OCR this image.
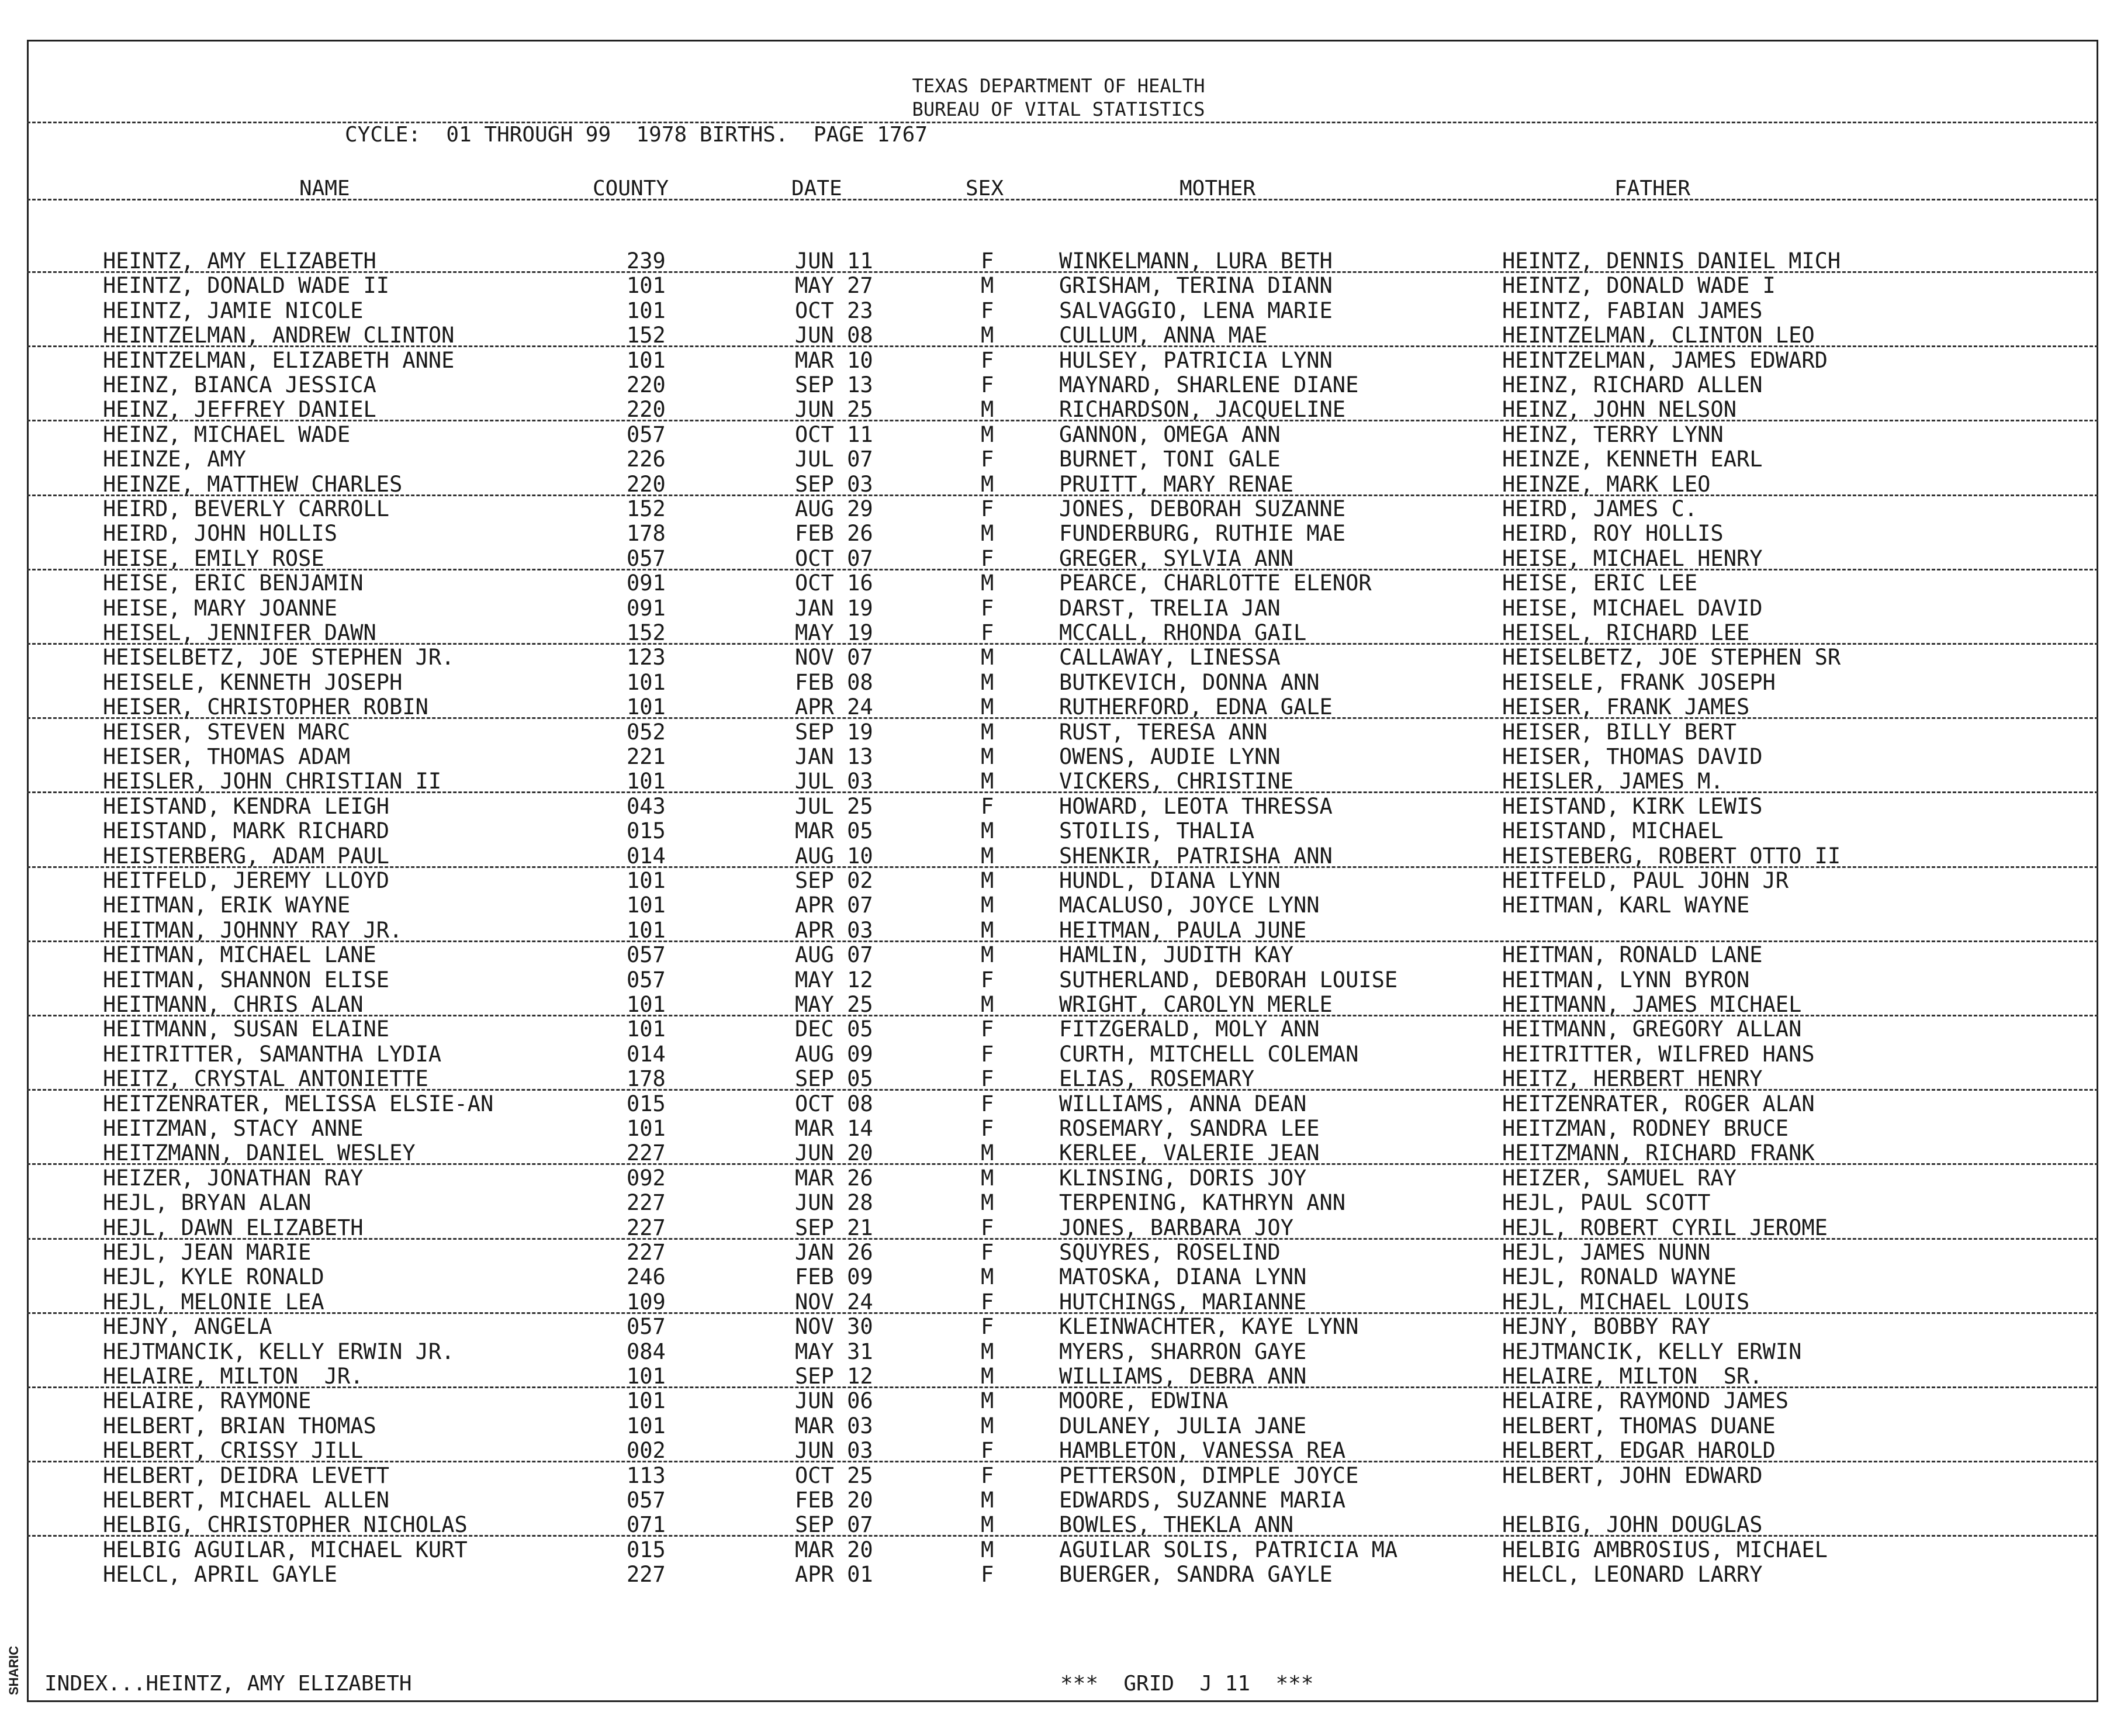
SHARIC
TEXAS DEPARTMENT OF HEALTH
BUREAU OF VITAL STATISTICS
CYCLE:  01 THROUGH 99  1978 BIRTHS.  PAGE 1767
NAME	COUNTY	DATE	SEX	MOTHER	FATHER
HEINTZ, AMY ELIZABETH	239	JUN 11	F	WINKELMANN, LURA BETH	HEINTZ, DENNIS DANIEL MICH
HEINTZ, DONALD WADE II	101	MAY 27	M	GRISHAM, TERINA DIANN	HEINTZ, DONALD WADE I
HEINTZ, JAMIE NICOLE	101	OCT 23	F	SALVAGGIO, LENA MARIE	HEINTZ, FABIAN JAMES
HEINTZELMAN, ANDREW CLINTON	152	JUN 08	M	CULLUM, ANNA MAE	HEINTZELMAN, CLINTON LEO
HEINTZELMAN, ELIZABETH ANNE	101	MAR 10	F	HULSEY, PATRICIA LYNN	HEINTZELMAN, JAMES EDWARD
HEINZ, BIANCA JESSICA	220	SEP 13	F	MAYNARD, SHARLENE DIANE	HEINZ, RICHARD ALLEN
HEINZ, JEFFREY DANIEL	220	JUN 25	M	RICHARDSON, JACQUELINE	HEINZ, JOHN NELSON
HEINZ, MICHAEL WADE	057	OCT 11	M	GANNON, OMEGA ANN	HEINZ, TERRY LYNN
HEINZE, AMY	226	JUL 07	F	BURNET, TONI GALE	HEINZE, KENNETH EARL
HEINZE, MATTHEW CHARLES	220	SEP 03	M	PRUITT, MARY RENAE	HEINZE, MARK LEO
HEIRD, BEVERLY CARROLL	152	AUG 29	F	JONES, DEBORAH SUZANNE	HEIRD, JAMES C.
HEIRD, JOHN HOLLIS	178	FEB 26	M	FUNDERBURG, RUTHIE MAE	HEIRD, ROY HOLLIS
HEISE, EMILY ROSE	057	OCT 07	F	GREGER, SYLVIA ANN	HEISE, MICHAEL HENRY
HEISE, ERIC BENJAMIN	091	OCT 16	M	PEARCE, CHARLOTTE ELENOR	HEISE, ERIC LEE
HEISE, MARY JOANNE	091	JAN 19	F	DARST, TRELIA JAN	HEISE, MICHAEL DAVID
HEISEL, JENNIFER DAWN	152	MAY 19	F	MCCALL, RHONDA GAIL	HEISEL, RICHARD LEE
HEISELBETZ, JOE STEPHEN JR.	123	NOV 07	M	CALLAWAY, LINESSA	HEISELBETZ, JOE STEPHEN SR
HEISELE, KENNETH JOSEPH	101	FEB 08	M	BUTKEVICH, DONNA ANN	HEISELE, FRANK JOSEPH
HEISER, CHRISTOPHER ROBIN	101	APR 24	M	RUTHERFORD, EDNA GALE	HEISER, FRANK JAMES
HEISER, STEVEN MARC	052	SEP 19	M	RUST, TERESA ANN	HEISER, BILLY BERT
HEISER, THOMAS ADAM	221	JAN 13	M	OWENS, AUDIE LYNN	HEISER, THOMAS DAVID
HEISLER, JOHN CHRISTIAN II	101	JUL 03	M	VICKERS, CHRISTINE	HEISLER, JAMES M.
HEISTAND, KENDRA LEIGH	043	JUL 25	F	HOWARD, LEOTA THRESSA	HEISTAND, KIRK LEWIS
HEISTAND, MARK RICHARD	015	MAR 05	M	STOILIS, THALIA	HEISTAND, MICHAEL
HEISTERBERG, ADAM PAUL	014	AUG 10	M	SHENKIR, PATRISHA ANN	HEISTEBERG, ROBERT OTTO II
HEITFELD, JEREMY LLOYD	101	SEP 02	M	HUNDL, DIANA LYNN	HEITFELD, PAUL JOHN JR
HEITMAN, ERIK WAYNE	101	APR 07	M	MACALUSO, JOYCE LYNN	HEITMAN, KARL WAYNE
HEITMAN, JOHNNY RAY JR.	101	APR 03	M	HEITMAN, PAULA JUNE
HEITMAN, MICHAEL LANE	057	AUG 07	M	HAMLIN, JUDITH KAY	HEITMAN, RONALD LANE
HEITMAN, SHANNON ELISE	057	MAY 12	F	SUTHERLAND, DEBORAH LOUISE	HEITMAN, LYNN BYRON
HEITMANN, CHRIS ALAN	101	MAY 25	M	WRIGHT, CAROLYN MERLE	HEITMANN, JAMES MICHAEL
HEITMANN, SUSAN ELAINE	101	DEC 05	F	FITZGERALD, MOLY ANN	HEITMANN, GREGORY ALLAN
HEITRITTER, SAMANTHA LYDIA	014	AUG 09	F	CURTH, MITCHELL COLEMAN	HEITRITTER, WILFRED HANS
HEITZ, CRYSTAL ANTONIETTE	178	SEP 05	F	ELIAS, ROSEMARY	HEITZ, HERBERT HENRY
HEITZENRATER, MELISSA ELSIE-AN	015	OCT 08	F	WILLIAMS, ANNA DEAN	HEITZENRATER, ROGER ALAN
HEITZMAN, STACY ANNE	101	MAR 14	F	ROSEMARY, SANDRA LEE	HEITZMAN, RODNEY BRUCE
HEITZMANN, DANIEL WESLEY	227	JUN 20	M	KERLEE, VALERIE JEAN	HEITZMANN, RICHARD FRANK
HEIZER, JONATHAN RAY	092	MAR 26	M	KLINSING, DORIS JOY	HEIZER, SAMUEL RAY
HEJL, BRYAN ALAN	227	JUN 28	M	TERPENING, KATHRYN ANN	HEJL, PAUL SCOTT
HEJL, DAWN ELIZABETH	227	SEP 21	F	JONES, BARBARA JOY	HEJL, ROBERT CYRIL JEROME
HEJL, JEAN MARIE	227	JAN 26	F	SQUYRES, ROSELIND	HEJL, JAMES NUNN
HEJL, KYLE RONALD	246	FEB 09	M	MATOSKA, DIANA LYNN	HEJL, RONALD WAYNE
HEJL, MELONIE LEA	109	NOV 24	F	HUTCHINGS, MARIANNE	HEJL, MICHAEL LOUIS
HEJNY, ANGELA	057	NOV 30	F	KLEINWACHTER, KAYE LYNN	HEJNY, BOBBY RAY
HEJTMANCIK, KELLY ERWIN JR.	084	MAY 31	M	MYERS, SHARRON GAYE	HEJTMANCIK, KELLY ERWIN
HELAIRE, MILTON  JR.	101	SEP 12	M	WILLIAMS, DEBRA ANN	HELAIRE, MILTON  SR.
HELAIRE, RAYMONE	101	JUN 06	M	MOORE, EDWINA	HELAIRE, RAYMOND JAMES
HELBERT, BRIAN THOMAS	101	MAR 03	M	DULANEY, JULIA JANE	HELBERT, THOMAS DUANE
HELBERT, CRISSY JILL	002	JUN 03	F	HAMBLETON, VANESSA REA	HELBERT, EDGAR HAROLD
HELBERT, DEIDRA LEVETT	113	OCT 25	F	PETTERSON, DIMPLE JOYCE	HELBERT, JOHN EDWARD
HELBERT, MICHAEL ALLEN	057	FEB 20	M	EDWARDS, SUZANNE MARIA
HELBIG, CHRISTOPHER NICHOLAS	071	SEP 07	M	BOWLES, THEKLA ANN	HELBIG, JOHN DOUGLAS
HELBIG AGUILAR, MICHAEL KURT	015	MAR 20	M	AGUILAR SOLIS, PATRICIA MA	HELBIG AMBROSIUS, MICHAEL
HELCL, APRIL GAYLE	227	APR 01	F	BUERGER, SANDRA GAYLE	HELCL, LEONARD LARRY
INDEX...HEINTZ, AMY ELIZABETH	***  GRID  J 11  ***
